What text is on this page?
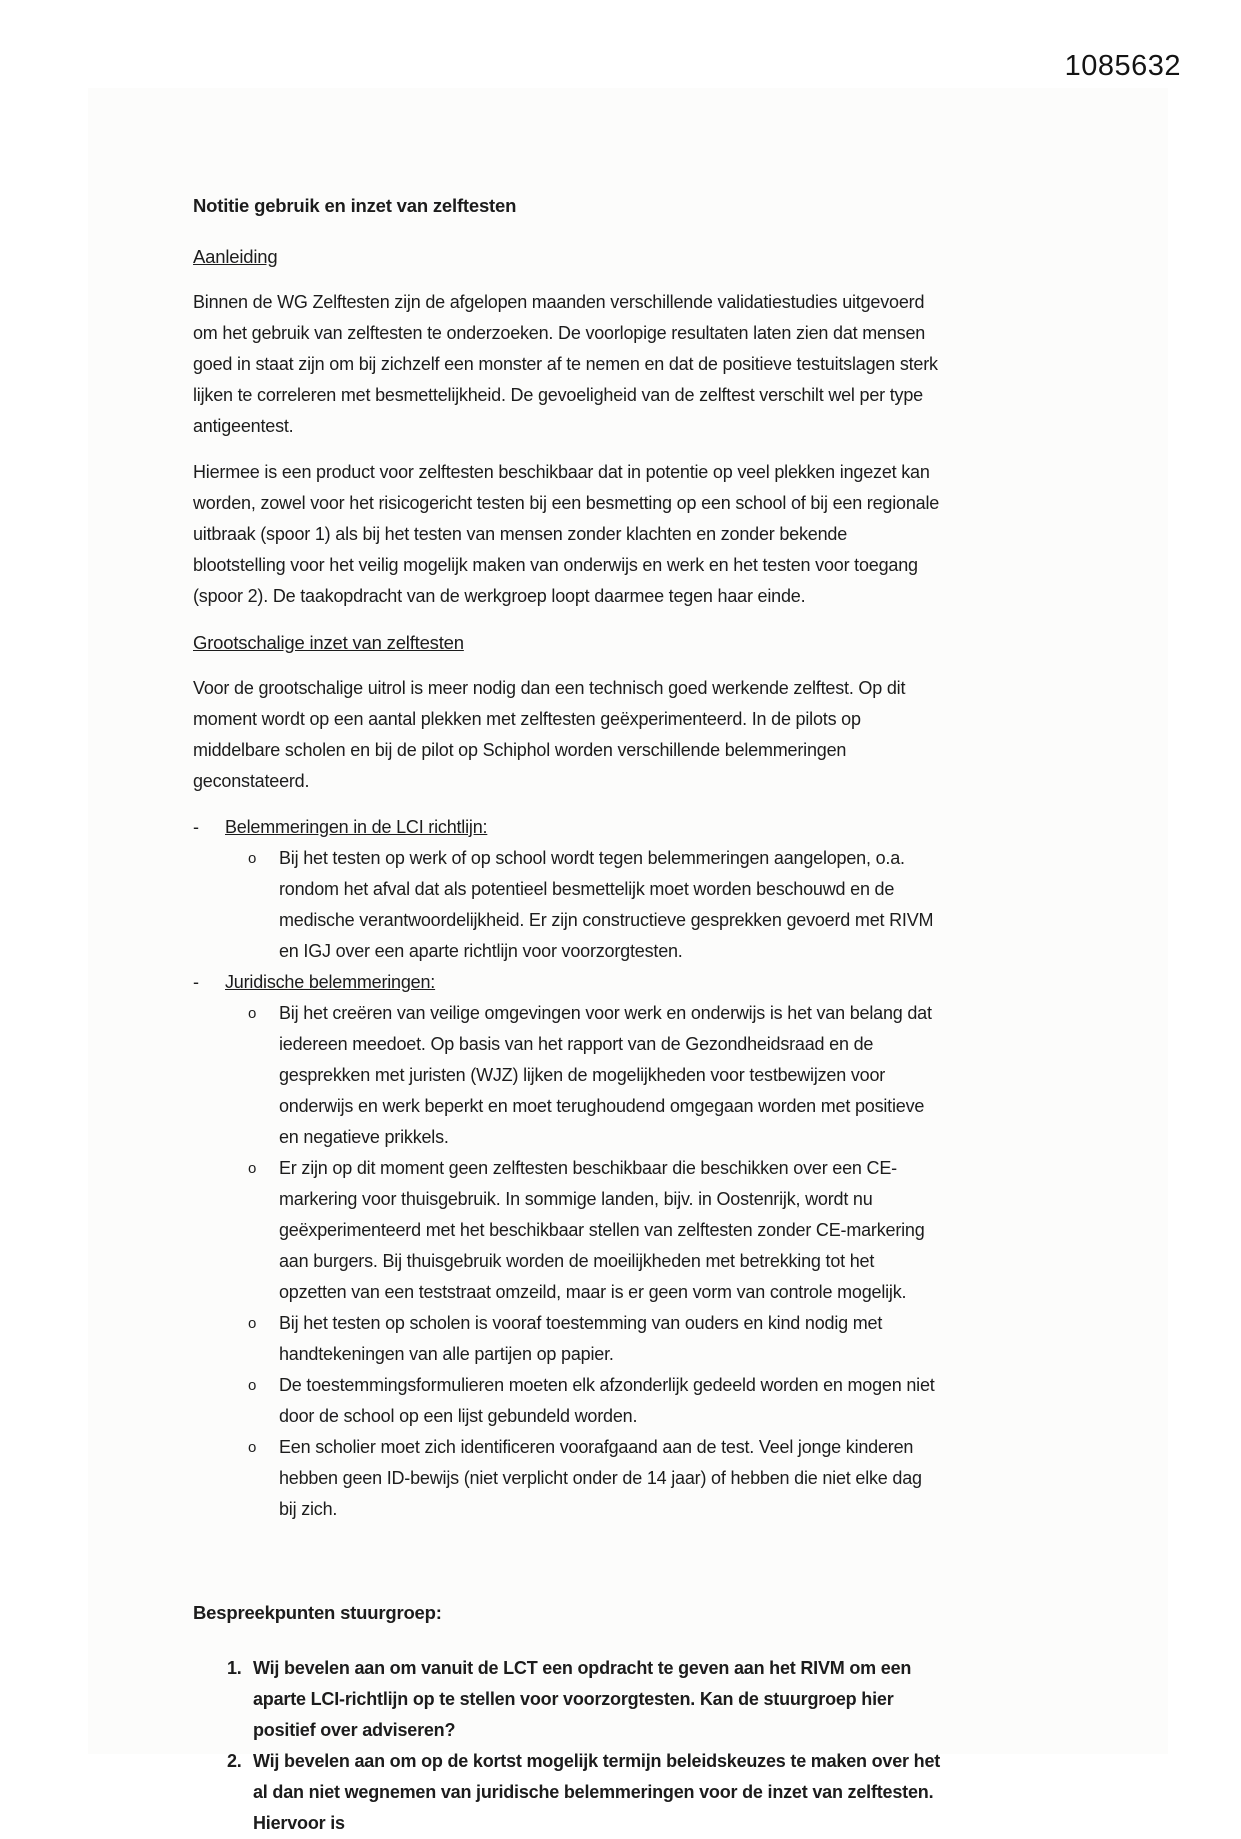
1085632
Notitie gebruik en inzet van zelftesten
Aanleiding

Binnen de WG Zelftesten zijn de afgelopen maanden verschillende validatiestudies uitgevoerd om het gebruik van zelftesten te onderzoeken. De voorlopige resultaten laten zien dat mensen goed in staat zijn om bij zichzelf een monster af te nemen en dat de positieve testuitslagen sterk lijken te correleren met besmettelijkheid. De gevoeligheid van de zelftest verschilt wel per type antigeentest.

Hiermee is een product voor zelftesten beschikbaar dat in potentie op veel plekken ingezet kan worden, zowel voor het risicogericht testen bij een besmetting op een school of bij een regionale uitbraak (spoor 1) als bij het testen van mensen zonder klachten en zonder bekende blootstelling voor het veilig mogelijk maken van onderwijs en werk en het testen voor toegang (spoor 2). De taakopdracht van de werkgroep loopt daarmee tegen haar einde.

Grootschalige inzet van zelftesten

Voor de grootschalige uitrol is meer nodig dan een technisch goed werkende zelftest. Op dit moment wordt op een aantal plekken met zelftesten geëxperimenteerd. In de pilots op middelbare scholen en bij de pilot op Schiphol worden verschillende belemmeringen geconstateerd.

-	Belemmeringen in de LCI richtlijn:
o	Bij het testen op werk of op school wordt tegen belemmeringen aangelopen, o.a. rondom het afval dat als potentieel besmettelijk moet worden beschouwd en de medische verantwoordelijkheid. Er zijn constructieve gesprekken gevoerd met RIVM en IGJ over een aparte richtlijn voor voorzorgtesten.
-	Juridische belemmeringen:
o	Bij het creëren van veilige omgevingen voor werk en onderwijs is het van belang dat iedereen meedoet. Op basis van het rapport van de Gezondheidsraad en de gesprekken met juristen (WJZ) lijken de mogelijkheden voor testbewijzen voor onderwijs en werk beperkt en moet terughoudend omgegaan worden met positieve en negatieve prikkels.
o	Er zijn op dit moment geen zelftesten beschikbaar die beschikken over een CE-markering voor thuisgebruik. In sommige landen, bijv. in Oostenrijk, wordt nu geëxperimenteerd met het beschikbaar stellen van zelftesten zonder CE-markering aan burgers. Bij thuisgebruik worden de moeilijkheden met betrekking tot het opzetten van een teststraat omzeild, maar is er geen vorm van controle mogelijk.
o	Bij het testen op scholen is vooraf toestemming van ouders en kind nodig met handtekeningen van alle partijen op papier.
o	De toestemmingsformulieren moeten elk afzonderlijk gedeeld worden en mogen niet door de school op een lijst gebundeld worden.
o	Een scholier moet zich identificeren voorafgaand aan de test. Veel jonge kinderen hebben geen ID-bewijs (niet verplicht onder de 14 jaar) of hebben die niet elke dag bij zich.
Bespreekpunten stuurgroep:
1. Wij bevelen aan om vanuit de LCT een opdracht te geven aan het RIVM om een aparte LCI-richtlijn op te stellen voor voorzorgtesten. Kan de stuurgroep hier positief over adviseren?
2. Wij bevelen aan om op de kortst mogelijk termijn beleidskeuzes te maken over het al dan niet wegnemen van juridische belemmeringen voor de inzet van zelftesten. Hiervoor is
